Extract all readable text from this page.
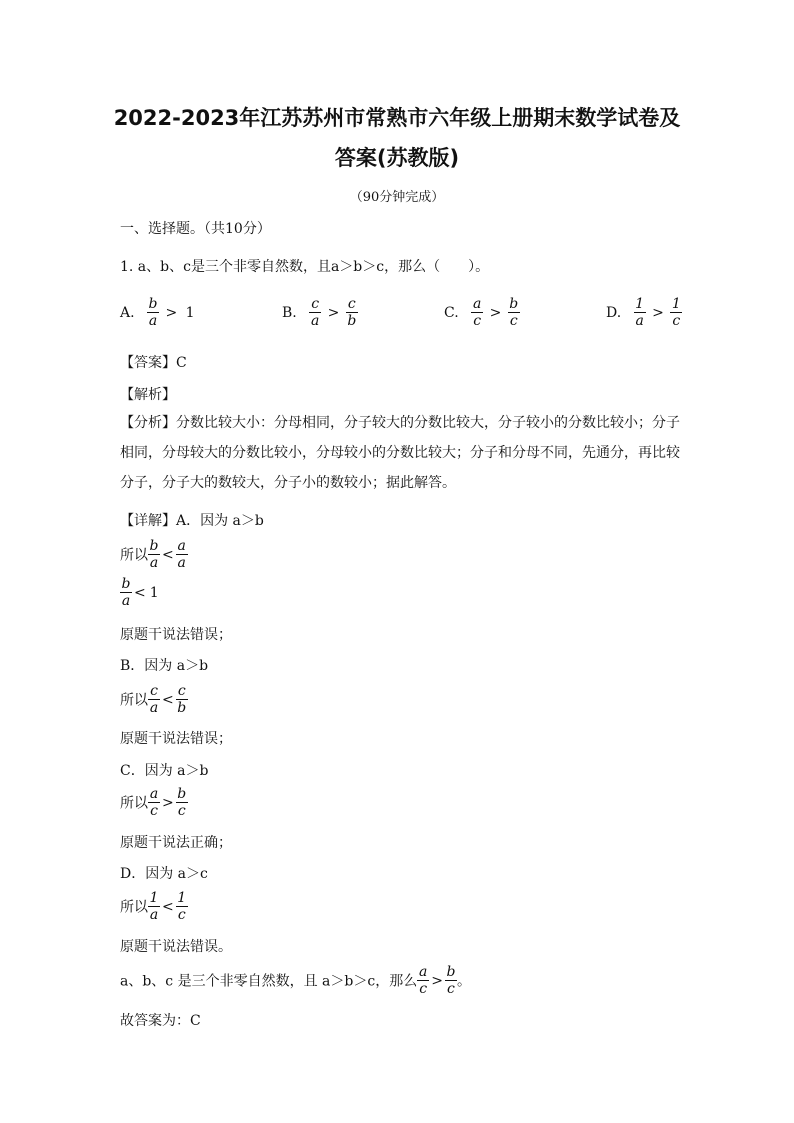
2022-2023年江苏苏州市常熟市六年级上册期末数学试卷及
答案(苏教版)
（90分钟完成）
一、选择题。（共10分）
1. a、b、c是三个非零自然数，且a＞b＞c，那么（　　）。
A. $\frac{b}{a} > 1$	B. $\frac{c}{a} > \frac{c}{b}$	C. $\frac{a}{c} > \frac{b}{c}$	D. $\frac{1}{a} > \frac{1}{c}$
【答案】C
【解析】
【分析】分数比较大小：分母相同，分子较大的分数比较大，分子较小的分数比较小；分子相同，分母较大的分数比较小，分母较小的分数比较大；分子和分母不同，先通分，再比较分子，分子大的数较大，分子小的数较小；据此解答。
【详解】A．因为 a＞b
所以 $\frac{b}{a} < \frac{a}{a}$
$\frac{b}{a} < 1$
原题干说法错误；
B．因为 a＞b
所以 $\frac{c}{a} < \frac{c}{b}$
原题干说法错误；
C．因为 a＞b
所以 $\frac{a}{c} > \frac{b}{c}$
原题干说法正确；
D．因为 a＞c
所以 $\frac{1}{a} < \frac{1}{c}$
原题干说法错误。
a、b、c 是三个非零自然数，且 a＞b＞c，那么 $\frac{a}{c} > \frac{b}{c}$ 。
故答案为：C
